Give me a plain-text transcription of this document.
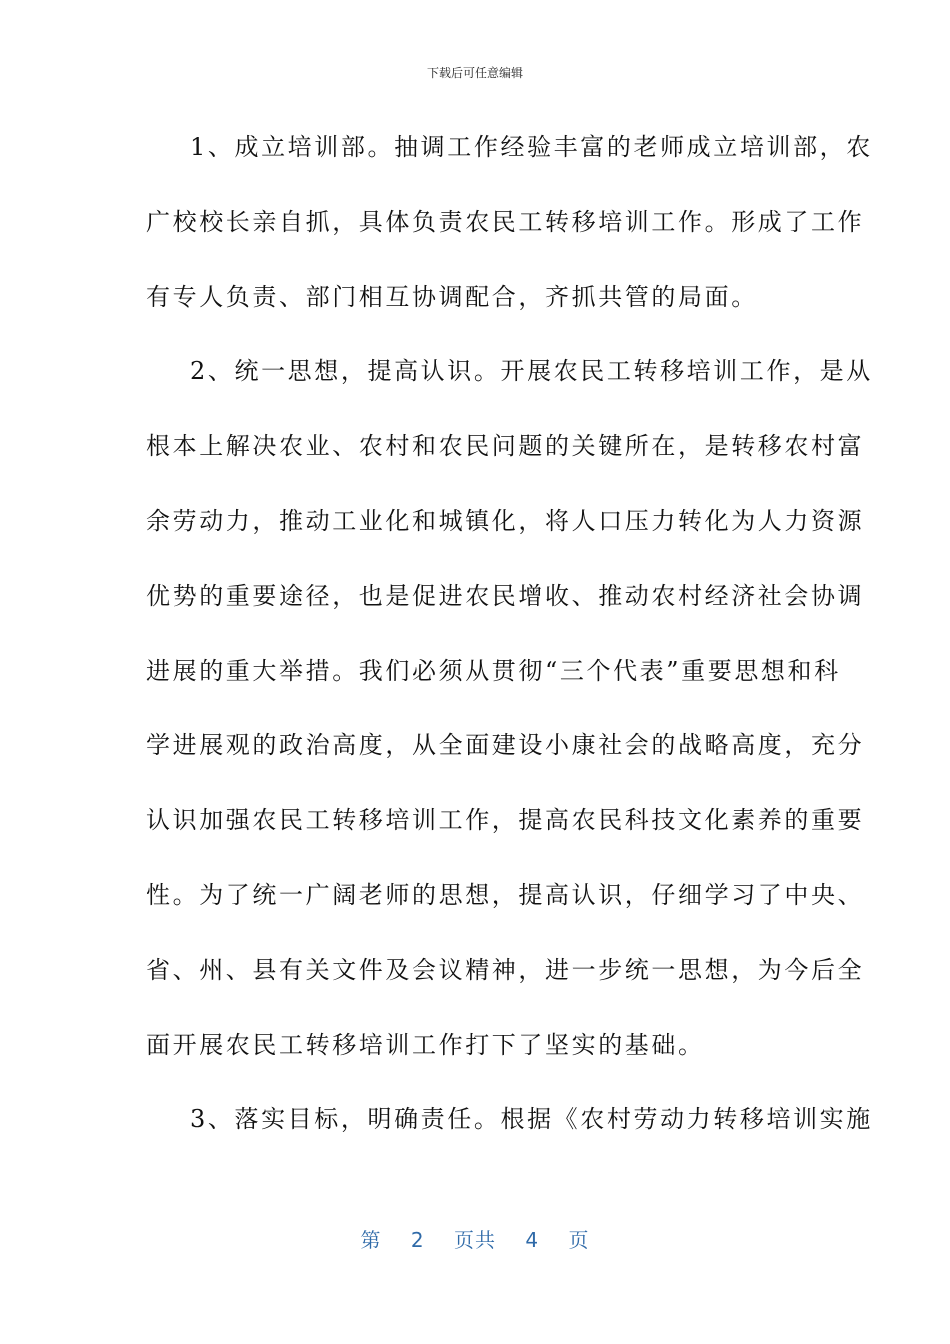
下载后可任意编辑
1、成立培训部。抽调工作经验丰富的老师成立培训部，农
广校校长亲自抓，具体负责农民工转移培训工作。形成了工作
有专人负责、部门相互协调配合，齐抓共管的局面。
2、统一思想，提高认识。开展农民工转移培训工作，是从
根本上解决农业、农村和农民问题的关键所在，是转移农村富
余劳动力，推动工业化和城镇化，将人口压力转化为人力资源
优势的重要途径，也是促进农民增收、推动农村经济社会协调
进展的重大举措。我们必须从贯彻“三个代表”重要思想和科
学进展观的政治高度，从全面建设小康社会的战略高度，充分
认识加强农民工转移培训工作，提高农民科技文化素养的重要
性。为了统一广阔老师的思想，提高认识，仔细学习了中央、
省、州、县有关文件及会议精神，进一步统一思想，为今后全
面开展农民工转移培训工作打下了坚实的基础。
3、落实目标，明确责任。根据《农村劳动力转移培训实施
第 2 页共 4 页
